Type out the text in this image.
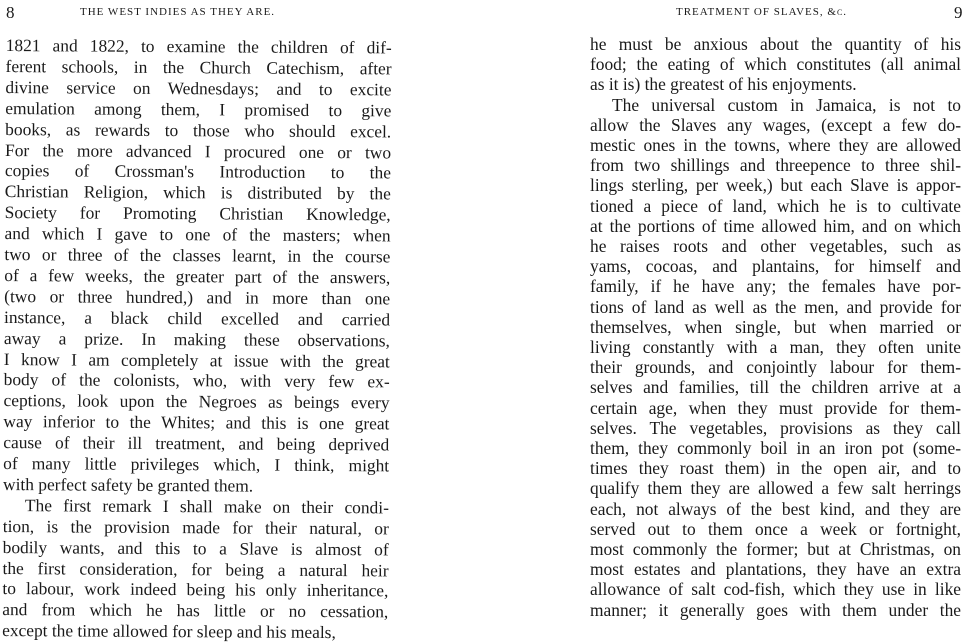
8	THE WEST INDIES AS THEY ARE.
1821 and 1822, to examine the children of dif-
ferent schools, in the Church Catechism, after
divine service on Wednesdays; and to excite
emulation among them, I promised to give
books, as rewards to those who should excel.
For the more advanced I procured one or two
copies of Crossman's Introduction to the
Christian Religion, which is distributed by the
Society for Promoting Christian Knowledge,
and which I gave to one of the masters; when
two or three of the classes learnt, in the course
of a few weeks, the greater part of the answers,
(two or three hundred,) and in more than one
instance, a black child excelled and carried
away a prize. In making these observations,
I know I am completely at issue with the great
body of the colonists, who, with very few ex-
ceptions, look upon the Negroes as beings every
way inferior to the Whites; and this is one great
cause of their ill treatment, and being deprived
of many little privileges which, I think, might
with perfect safety be granted them.
The first remark I shall make on their condi-
tion, is the provision made for their natural, or
bodily wants, and this to a Slave is almost of
the first consideration, for being a natural heir
to labour, work indeed being his only inheritance,
and from which he has little or no cessation,
except the time allowed for sleep and his meals,
TREATMENT OF SLAVES, &c.	9
he must be anxious about the quantity of his
food; the eating of which constitutes (all animal
as it is) the greatest of his enjoyments.
The universal custom in Jamaica, is not to
allow the Slaves any wages, (except a few do-
mestic ones in the towns, where they are allowed
from two shillings and threepence to three shil-
lings sterling, per week,) but each Slave is appor-
tioned a piece of land, which he is to cultivate
at the portions of time allowed him, and on which
he raises roots and other vegetables, such as
yams, cocoas, and plantains, for himself and
family, if he have any; the females have por-
tions of land as well as the men, and provide for
themselves, when single, but when married or
living constantly with a man, they often unite
their grounds, and conjointly labour for them-
selves and families, till the children arrive at a
certain age, when they must provide for them-
selves. The vegetables, provisions as they call
them, they commonly boil in an iron pot (some-
times they roast them) in the open air, and to
qualify them they are allowed a few salt herrings
each, not always of the best kind, and they are
served out to them once a week or fortnight,
most commonly the former; but at Christmas, on
most estates and plantations, they have an extra
allowance of salt cod-fish, which they use in like
manner; it generally goes with them under the
